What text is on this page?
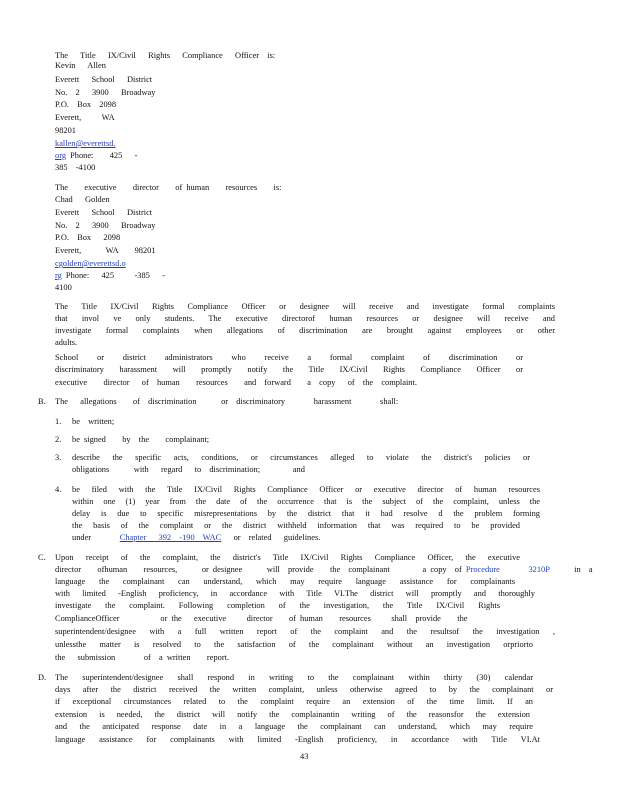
The   Title   IX/Civil   Rights   Compliance   Officer  is:
Kevin   Allen
Everett   School   District
No.  2   3900   Broadway
P.O.  Box  2098
Everett,     WA
98201
kallen@everettsd.
org Phone:    425   -
385  -4100
The    executive    director    of human    resources    is:
Chad   Golden
Everett   School   District
No.  2   3900   Broadway
P.O.  Box   2098
Everett,      WA    98201
cgolden@everettsd.o
rg Phone:   425     -385   -
4100
The Title IX/Civil Rights Compliance Officer or designee will receive and investigate formal complaints
that invol ve only students. The executive directorof human resources or designee will receive and
investigate formal complaints when allegations of discrimination are brought against employees or other
adults.
School or district administrators who receive a formal complaint of discrimination or
discriminatory harassment will promptly notify the Title IX/Civil Rights Compliance Officer or
executive    director   of  human    resources    and  forward    a  copy   of  the  complaint.
B. The   allegations    of  discrimination      or  discriminatory       harassment       shall:
1. be  written;
2. be signed    by  the    complainant;
3. describe the specific acts, conditions, or circumstances alleged to violate the district's policies or
obligations      with   regard   to  discrimination;        and
4. be filed with the Title IX/Civil Rights Compliance Officer or executive director of human resources
within one (1) year from the date of the occurrence that is the subject of the complaint, unless the
delay is due to specific misrepresentations by the district that it had resolve d the problem forming
the basis of the complaint or the district withheld information that was required to be provided
under	Chapter   392  -190  WAC or  related   guidelines.
C. Upon receipt of the complaint, the district's Title IX/Civil Rights Compliance Officer, the executive
director    ofhuman    resources,      or designee      will  provide    the  complainant        a copy  of Procedure       3210P	in  a
language the complainant can understand, which may require language assistance for complainants
with limited -English proficiency, in accordance with Title VI.The district will promptly and thoroughly
investigate the complaint. Following completion of the investigation, the Title IX/Civil Rights
ComplianceOfficer          or the   executive     director    of human    resources     shall  provide    the
superintendent/designee with a full written report of the complaint and the resultsof the investigation ,
unlessthe matter is resolved to the satisfaction of the complainant without an investigation orpriorto
the   submission       of  a written    report.
D. The superintendent/designee shall respond in writing to the complainant within thirty (30) calendar
days after the district received the written complaint, unless otherwise agreed to by the complainant or
if exceptional circumstances related to the complaint require an extension of the time limit. If an
extension is needed, the district will notify the complainantin writing of the reasonsfor the extension
and the anticipated response date in a language the complainant can understand, which may require
language assistance for complainants with limited -English proficiency, in accordance with Title VI.At
43
